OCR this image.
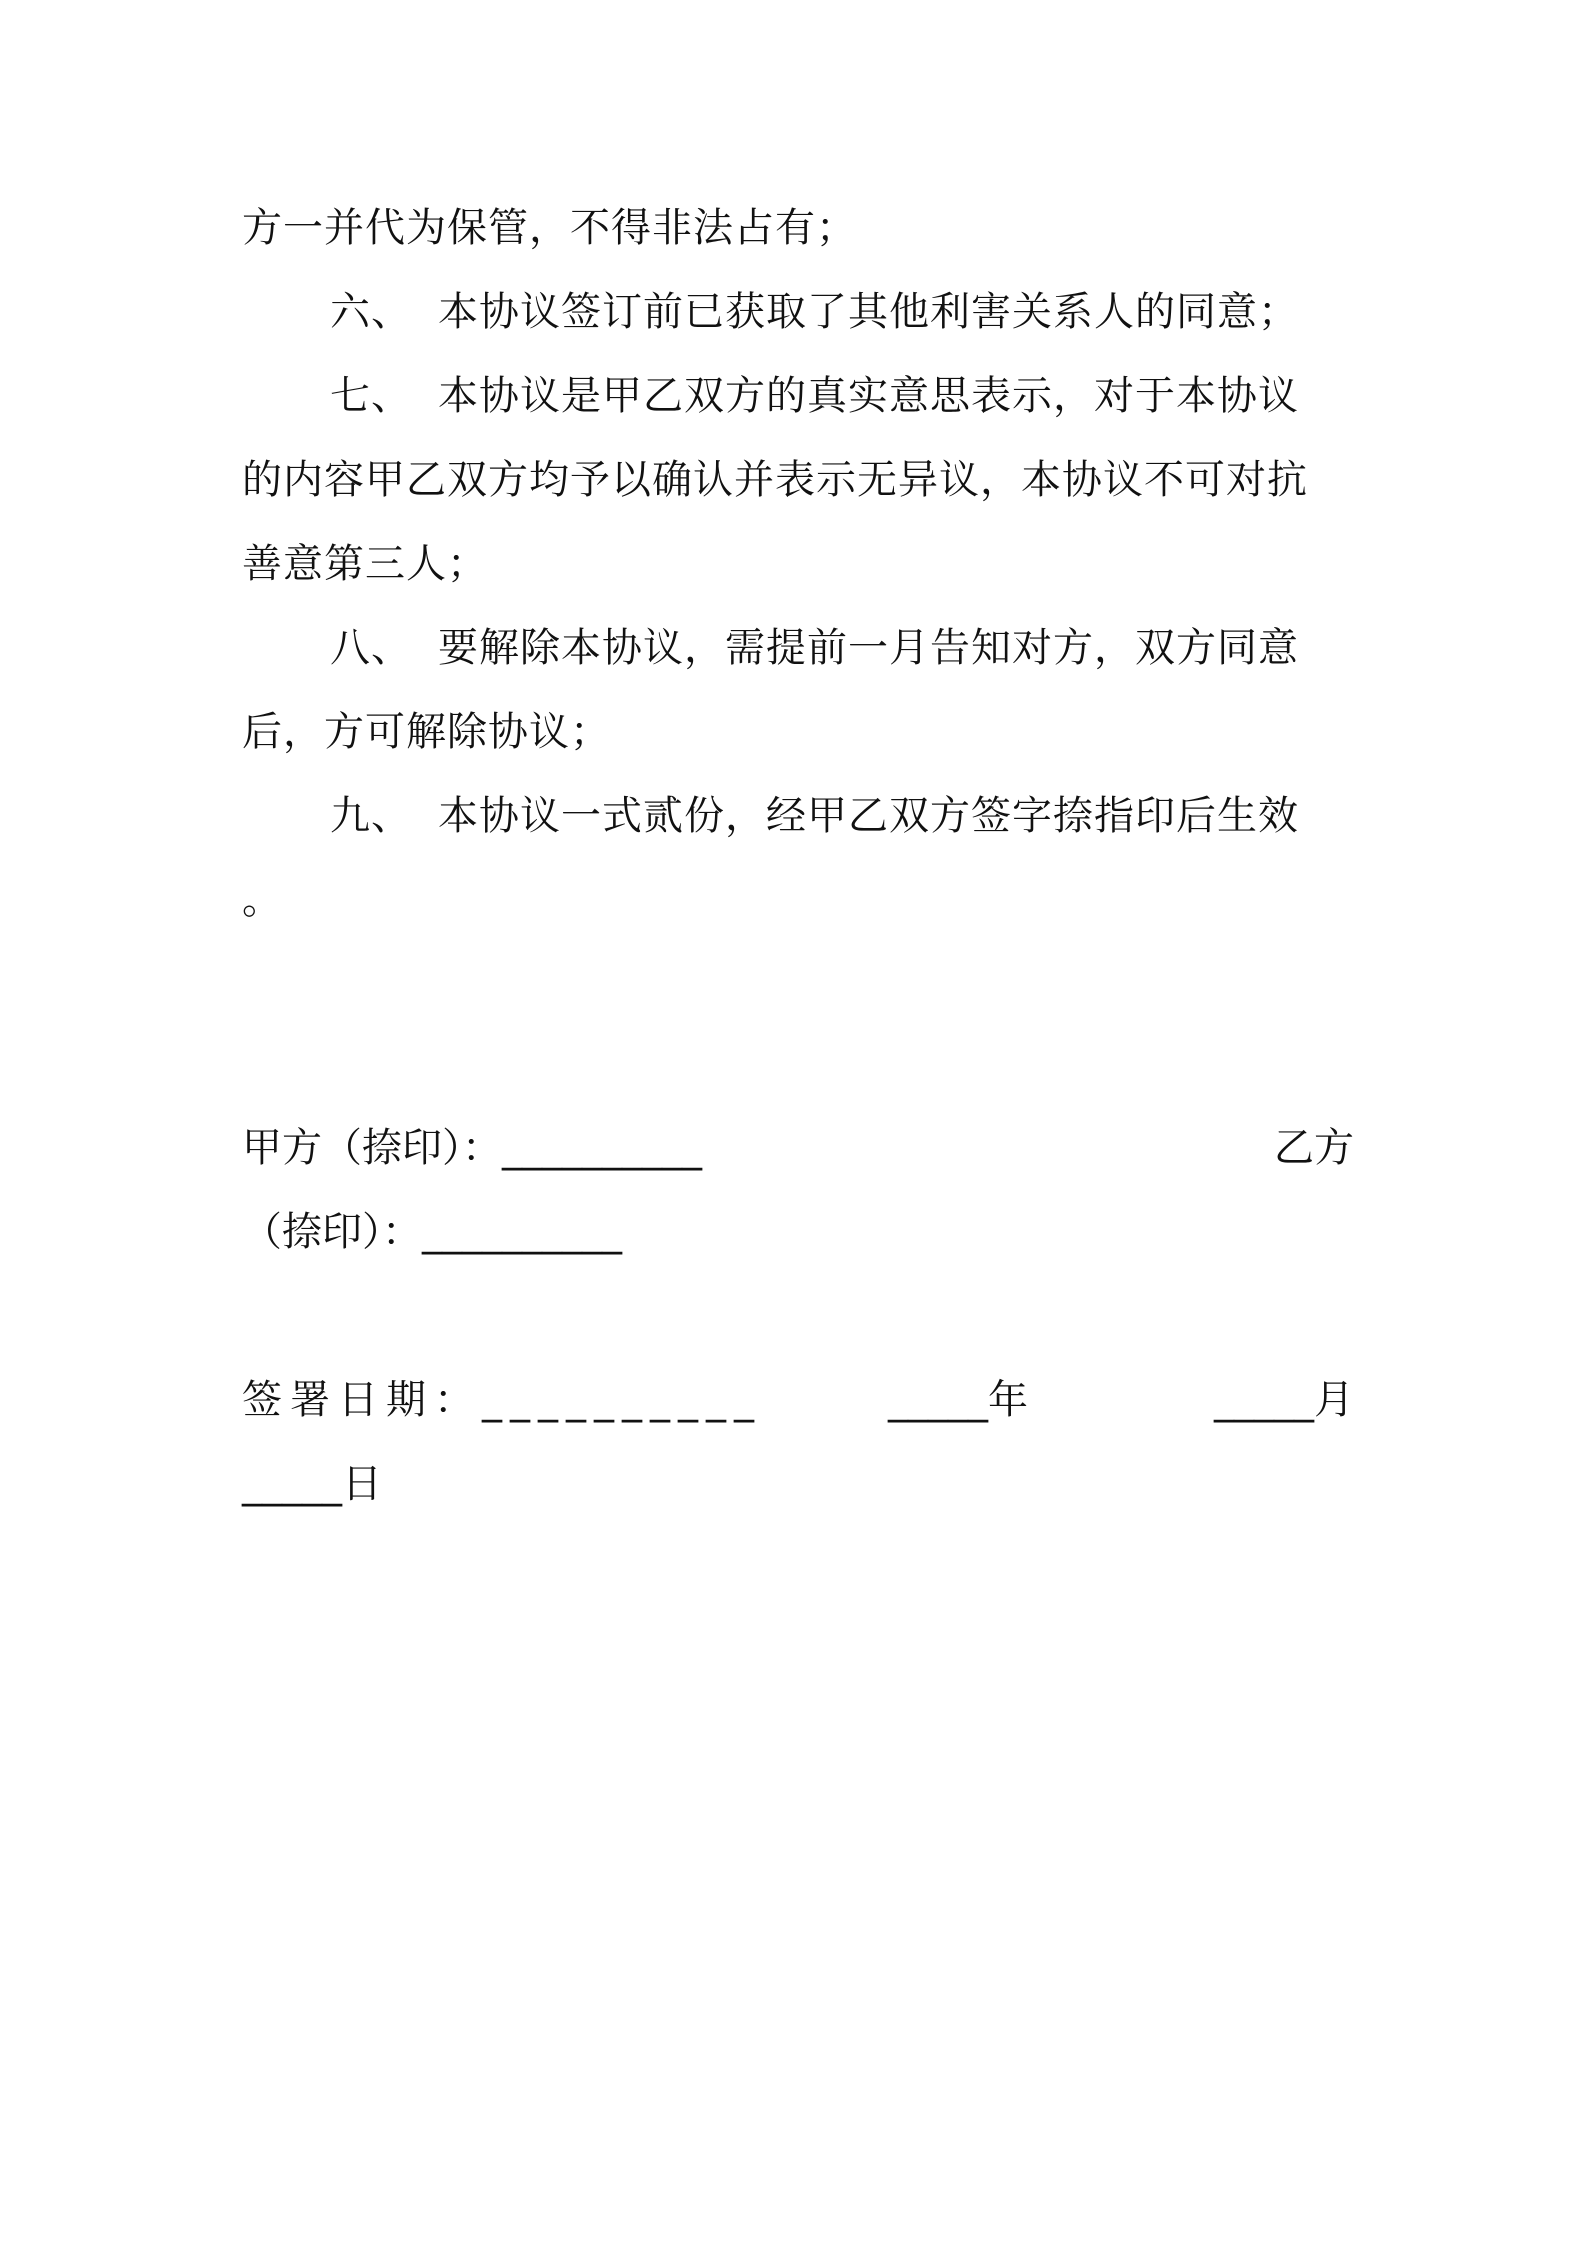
方一并代为保管，不得非法占有；
六、 本协议签订前已获取了其他利害关系人的同意；
七、 本协议是甲乙双方的真实意思表示，对于本协议
的内容甲乙双方均予以确认并表示无异议，本协议不可对抗
善意第三人；
八、 要解除本协议，需提前一月告知对方，双方同意
后，方可解除协议；
九、 本协议一式贰份，经甲乙双方签字捺指印后生效
。
甲方（捺印）：__________	乙方
（捺印）：__________
签署日期：__________	_____年	_____月
_____日
